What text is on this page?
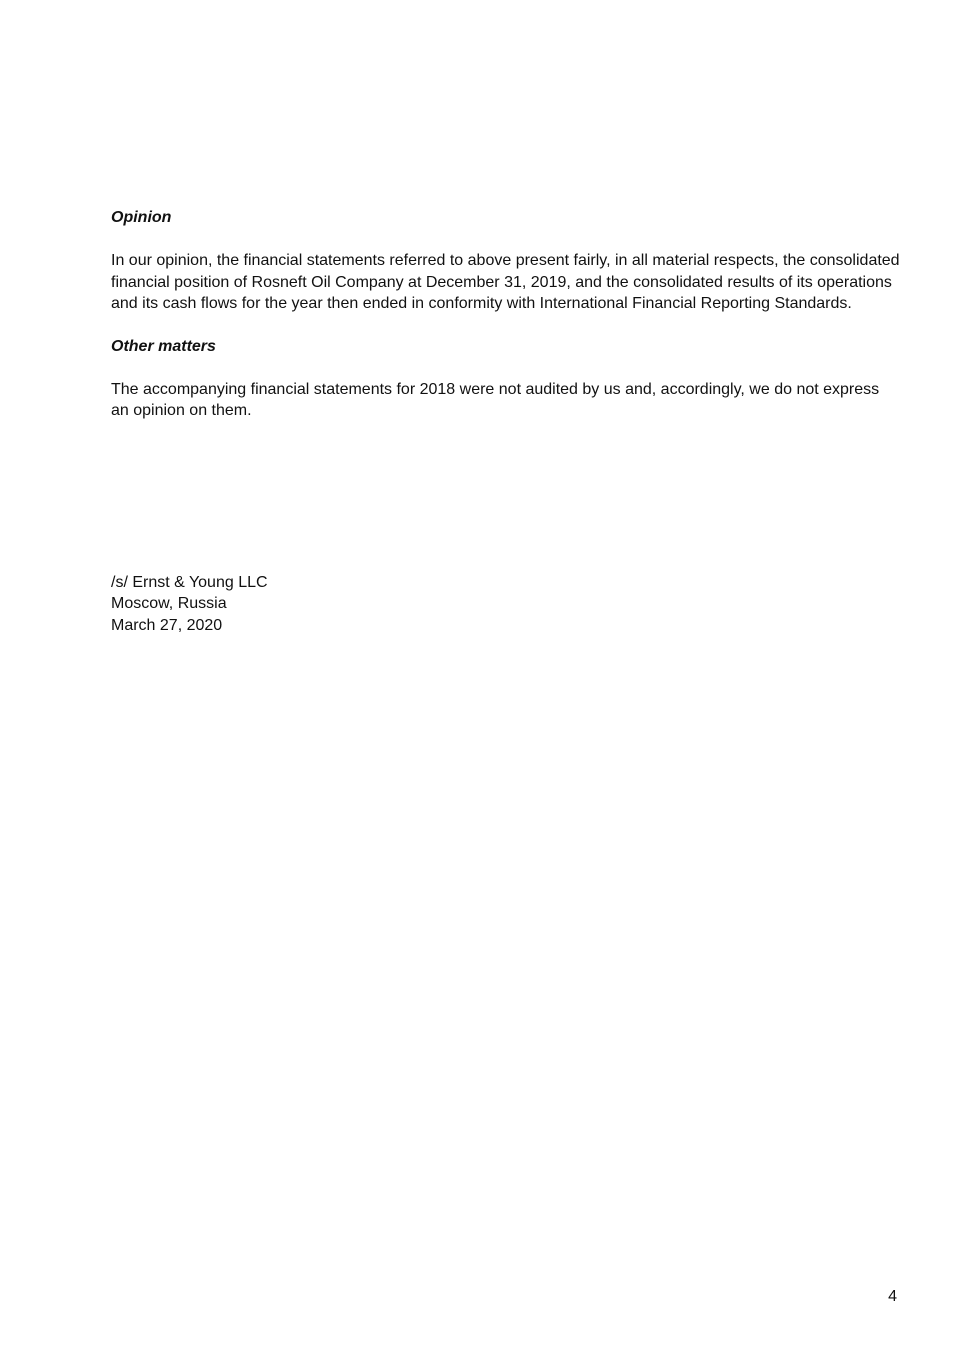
Opinion

In our opinion, the financial statements referred to above present fairly, in all material respects, the consolidated financial position of Rosneft Oil Company at December 31, 2019, and the consolidated results of its operations and its cash flows for the year then ended in conformity with International Financial Reporting Standards.

Other matters

The accompanying financial statements for 2018 were not audited by us and, accordingly, we do not express an opinion on them.

/s/ Ernst & Young LLC
Moscow, Russia
March 27, 2020
4
